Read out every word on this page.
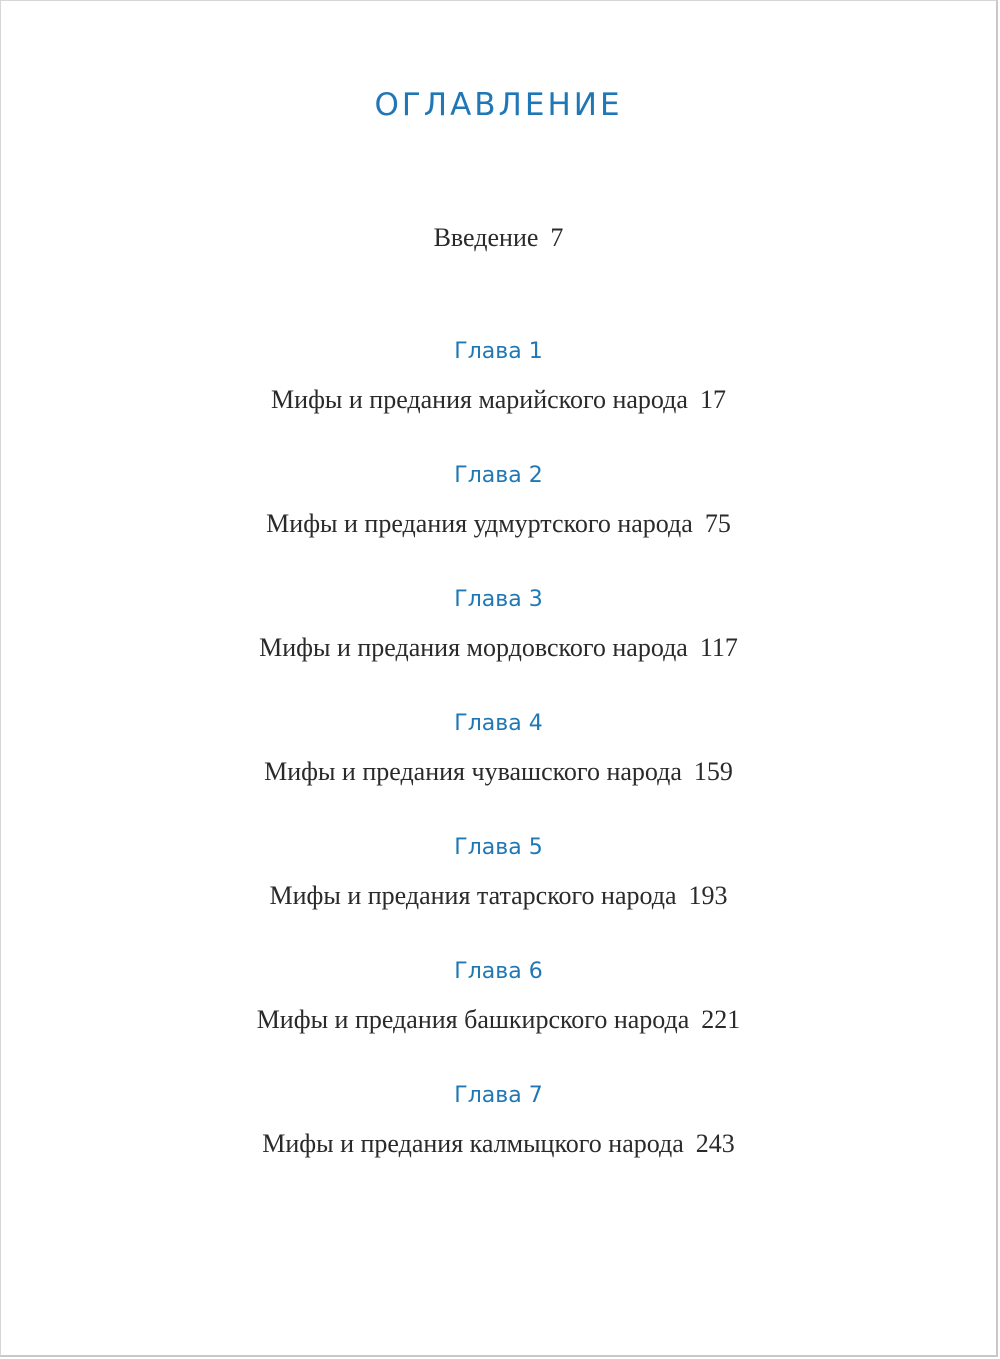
ОГЛАВЛЕНИЕ
Введение 7
Глава 1
Мифы и предания марийского народа 17
Глава 2
Мифы и предания удмуртского народа 75
Глава 3
Мифы и предания мордовского народа 117
Глава 4
Мифы и предания чувашского народа 159
Глава 5
Мифы и предания татарского народа 193
Глава 6
Мифы и предания башкирского народа 221
Глава 7
Мифы и предания калмыцкого народа 243
